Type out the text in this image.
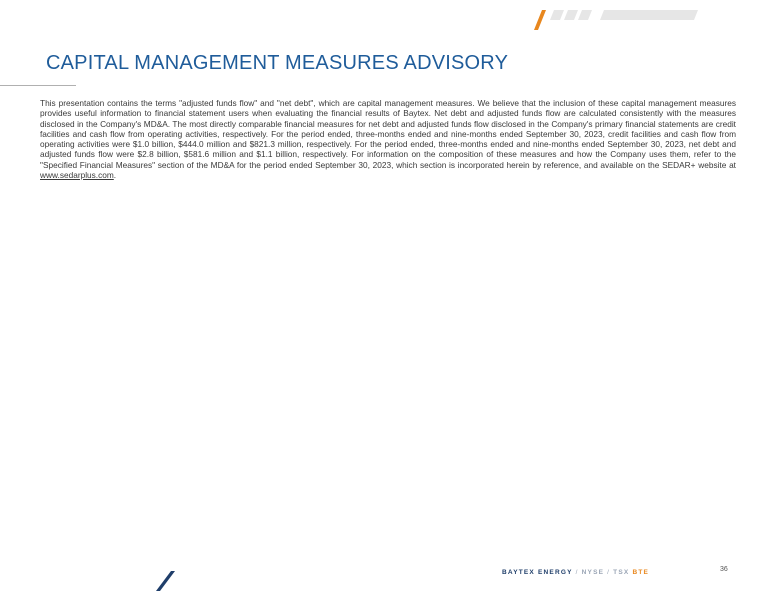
CAPITAL MANAGEMENT MEASURES ADVISORY
This presentation contains the terms "adjusted funds flow" and "net debt", which are capital management measures. We believe that the inclusion of these capital management measures provides useful information to financial statement users when evaluating the financial results of Baytex. Net debt and adjusted funds flow are calculated consistently with the measures disclosed in the Company's MD&A. The most directly comparable financial measures for net debt and adjusted funds flow disclosed in the Company's primary financial statements are credit facilities and cash flow from operating activities, respectively. For the period ended, three-months ended and nine-months ended September 30, 2023, credit facilities and cash flow from operating activities were $1.0 billion, $444.0 million and $821.3 million, respectively. For the period ended, three-months ended and nine-months ended September 30, 2023, net debt and adjusted funds flow were $2.8 billion, $581.6 million and $1.1 billion, respectively. For information on the composition of these measures and how the Company uses them, refer to the "Specified Financial Measures" section of the MD&A for the period ended September 30, 2023, which section is incorporated herein by reference, and available on the SEDAR+ website at www.sedarplus.com.
BAYTEX ENERGY / NYSE / TSX BTE	36
